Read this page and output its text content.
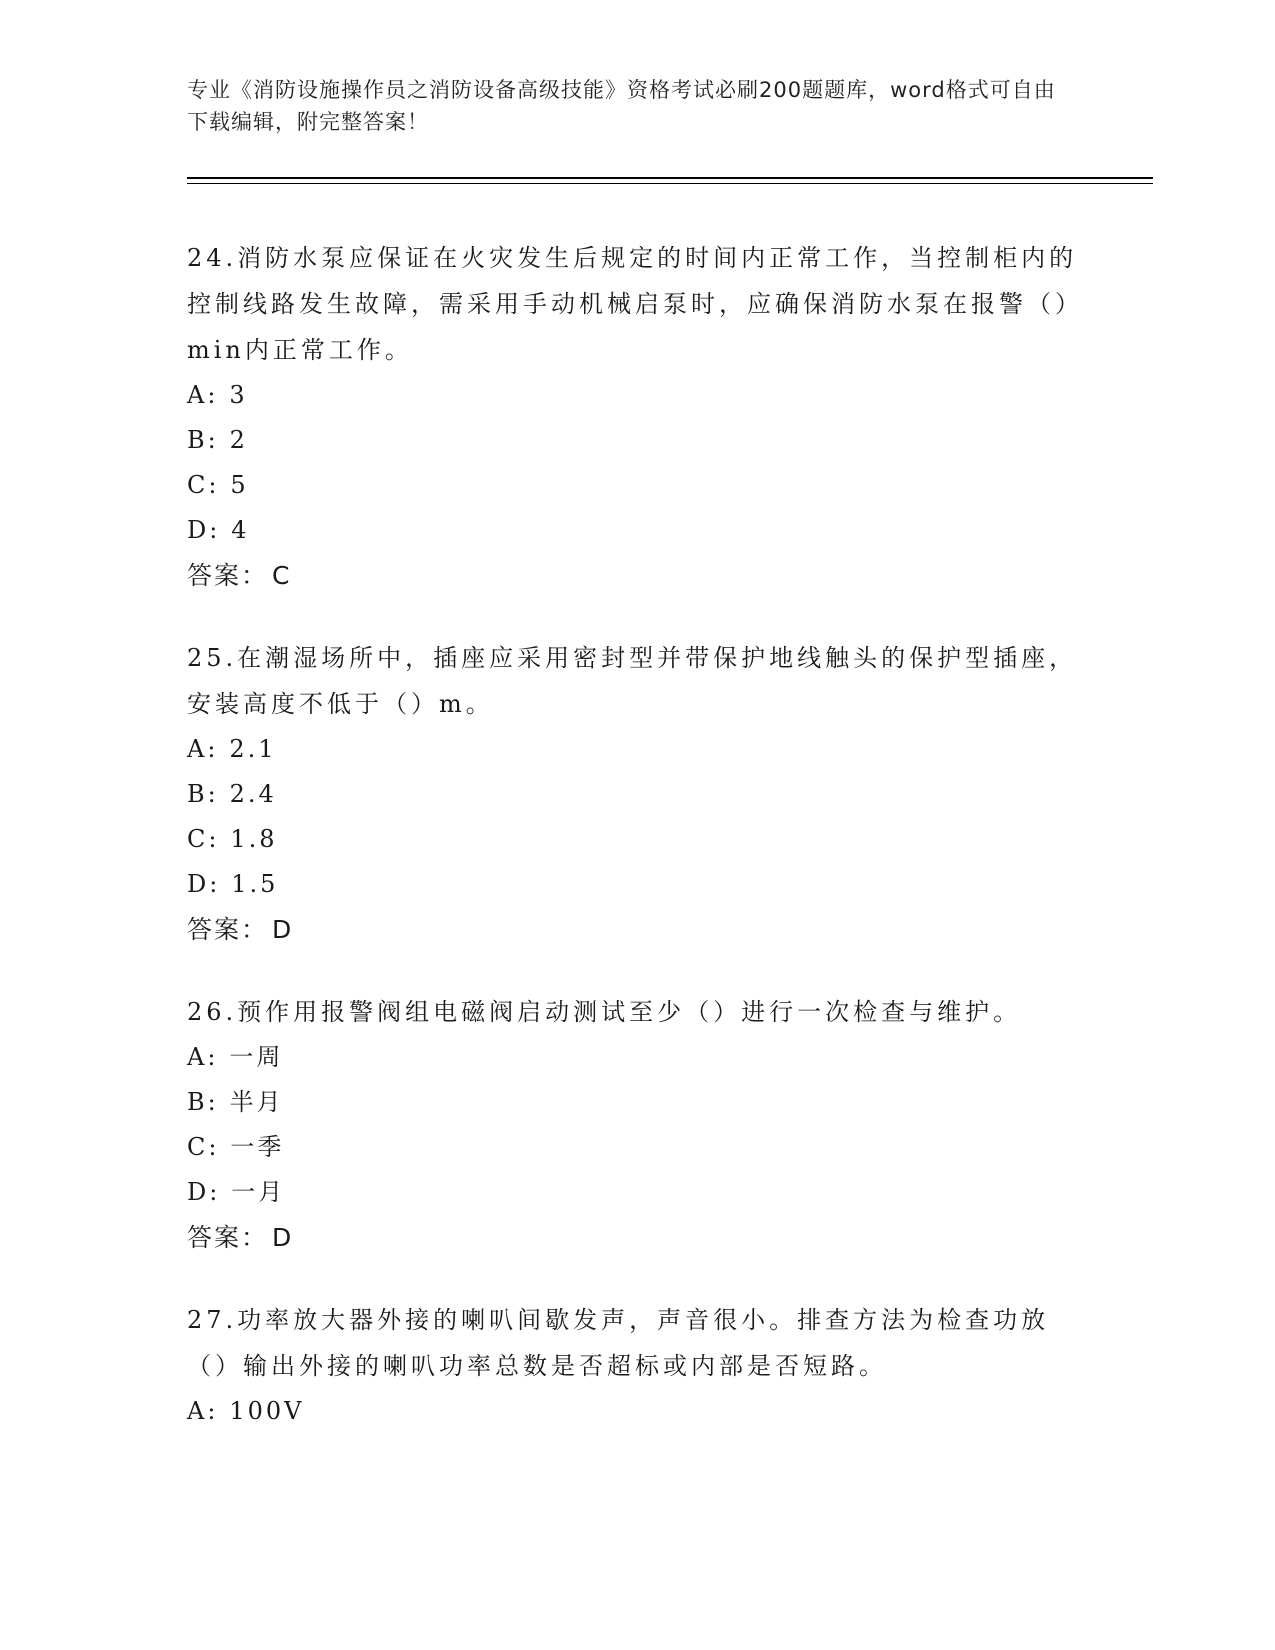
专业《消防设施操作员之消防设备高级技能》资格考试必刷200题题库，word格式可自由下载编辑，附完整答案！

24.消防水泵应保证在火灾发生后规定的时间内正常工作，当控制柜内的控制线路发生故障，需采用手动机械启泵时，应确保消防水泵在报警（）min内正常工作。

A : 3
B : 2
C : 5
D : 4
答案： C

25.在潮湿场所中，插座应采用密封型并带保护地线触头的保护型插座，安装高度不低于（）m。

A : 2.1
B : 2.4
C : 1.8
D : 1.5
答案： D

26.预作用报警阀组电磁阀启动测试至少（）进行一次检查与维护。

A : 一周
B : 半月
C : 一季
D : 一月
答案： D

27.功率放大器外接的喇叭间歇发声，声音很小。排查方法为检查功放（）输出外接的喇叭功率总数是否超标或内部是否短路。

A : 100V
